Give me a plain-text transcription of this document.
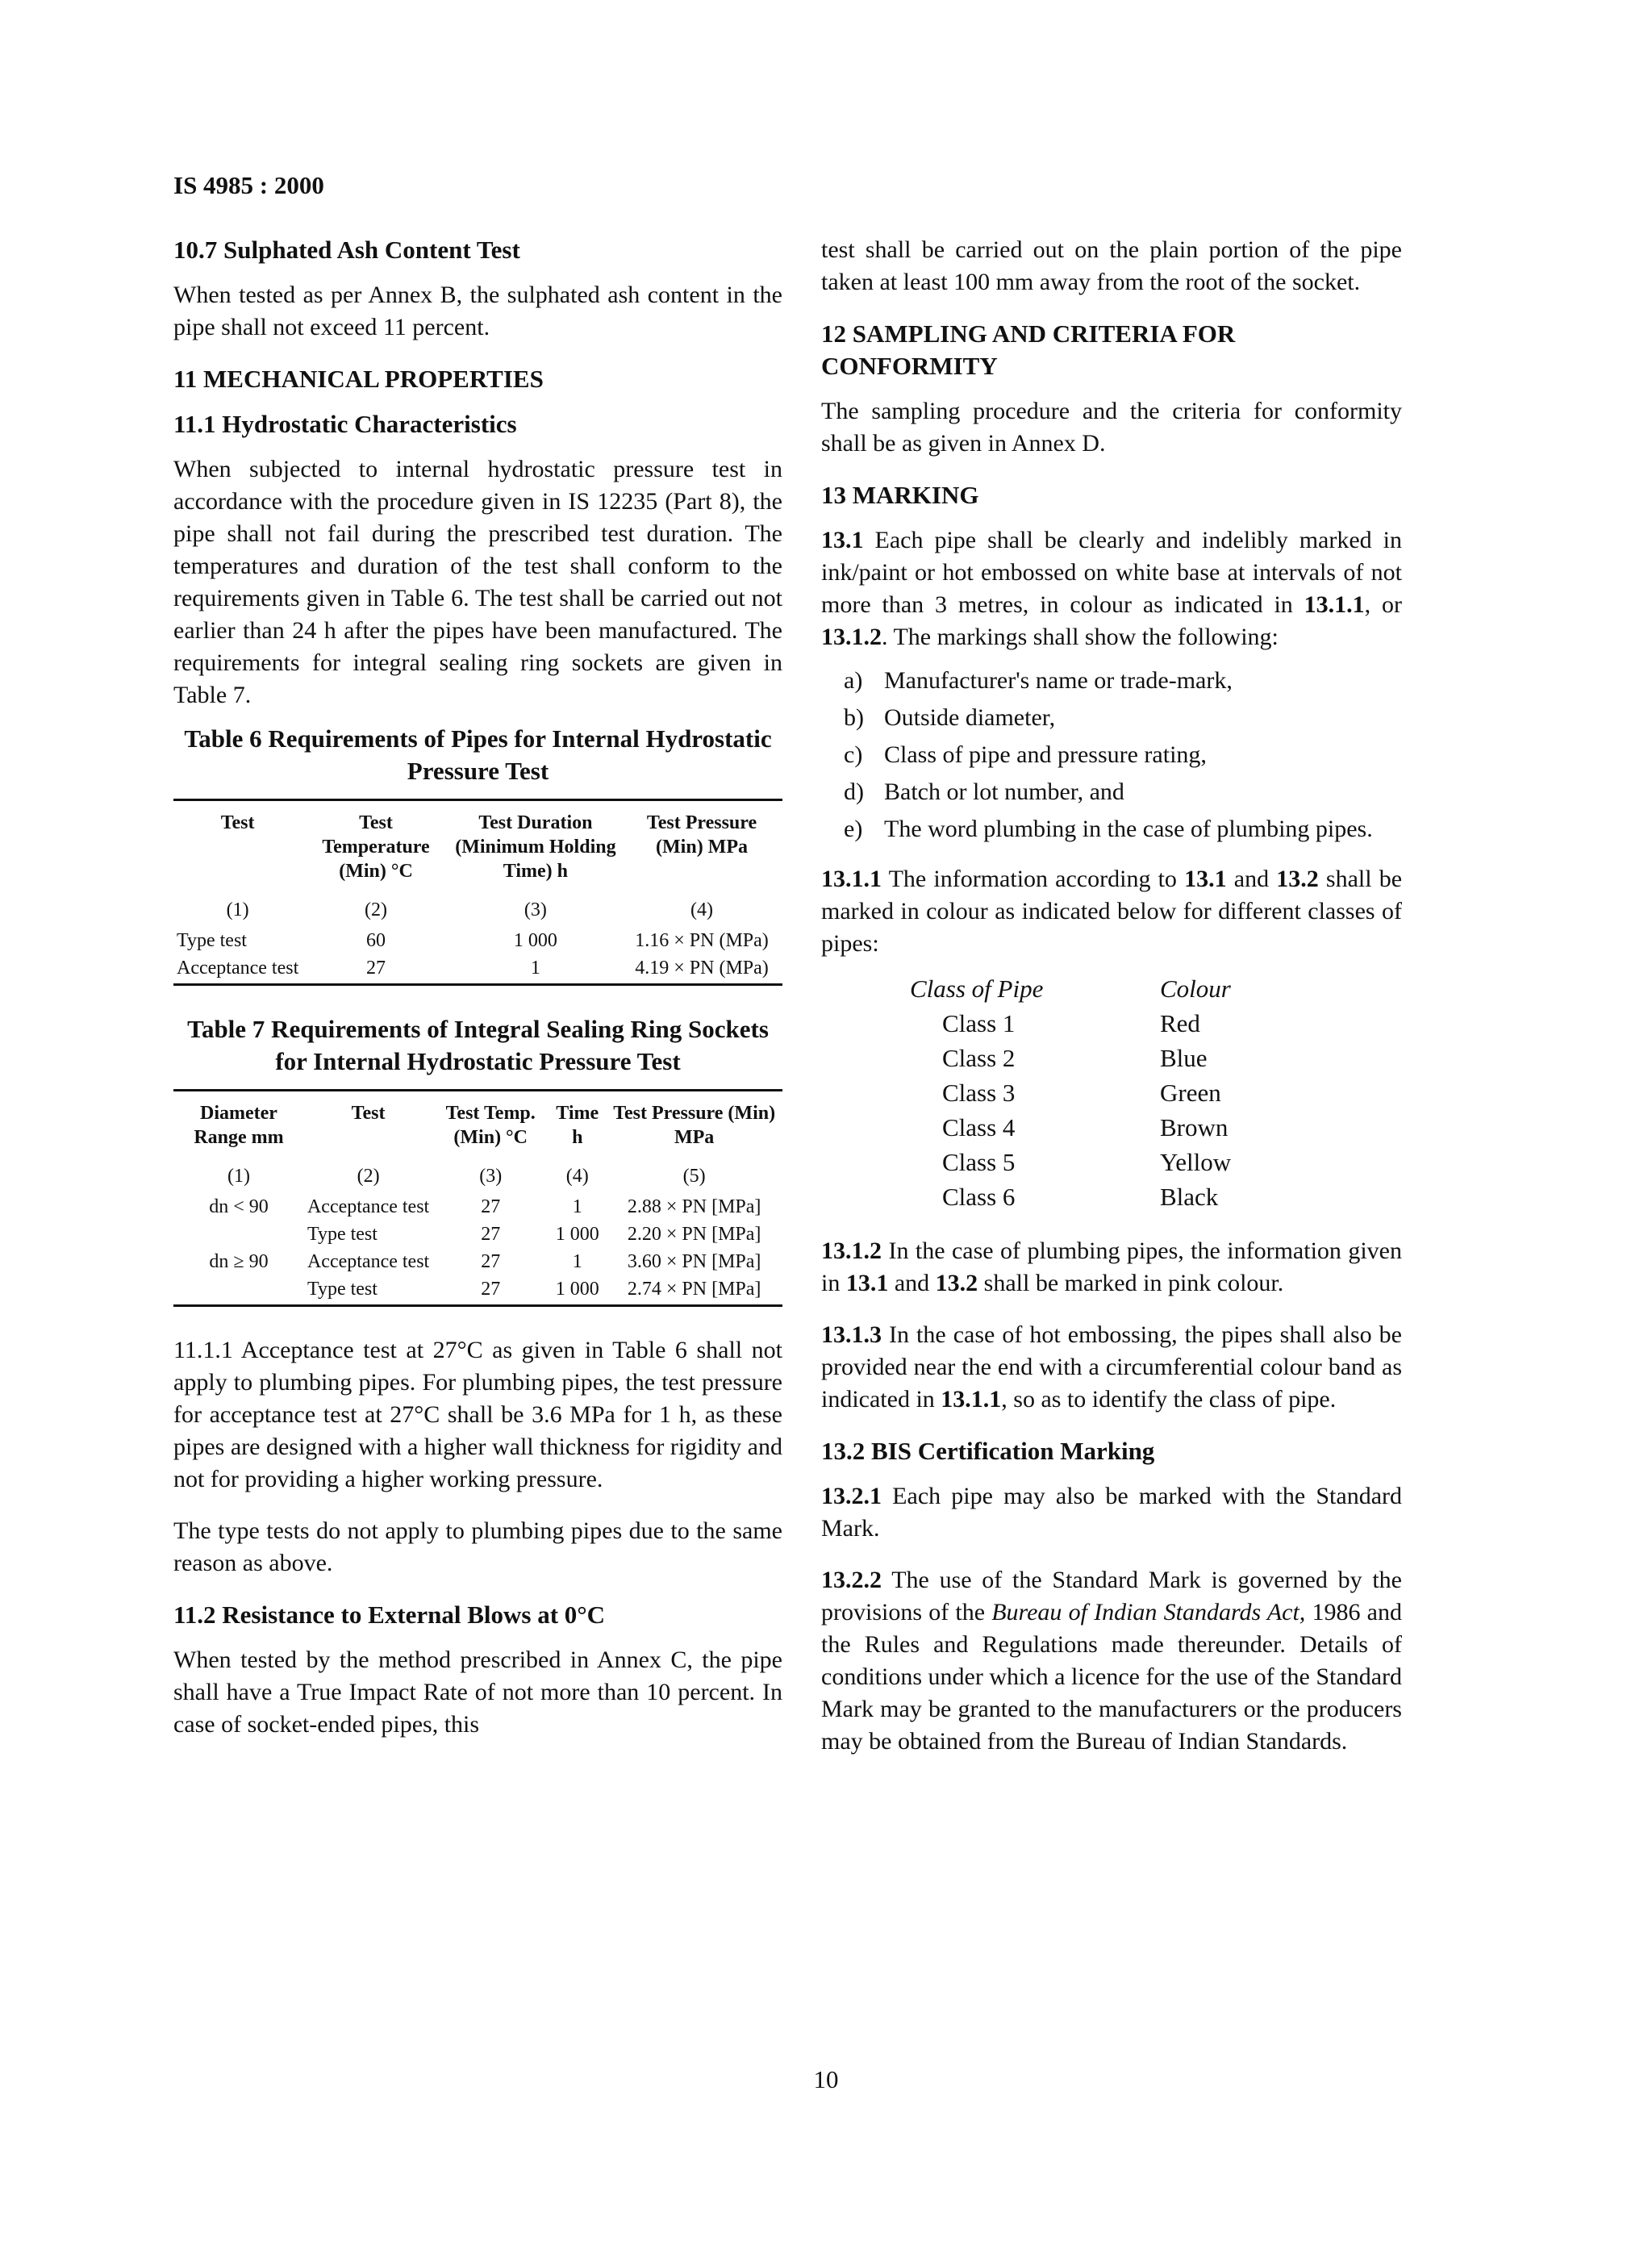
IS 4985 : 2000
10.7 Sulphated Ash Content Test

When tested as per Annex B, the sulphated ash content in the pipe shall not exceed 11 percent.

11 MECHANICAL PROPERTIES
11.1 Hydrostatic Characteristics

When subjected to internal hydrostatic pressure test in accordance with the procedure given in IS 12235 (Part 8), the pipe shall not fail during the prescribed test duration. The temperatures and duration of the test shall conform to the requirements given in Table 6. The test shall be carried out not earlier than 24 h after the pipes have been manufactured. The requirements for integral sealing ring sockets are given in Table 7.

Table 6 Requirements of Pipes for Internal Hydrostatic Pressure Test

Test	Test Temperature (Min) °C	Test Duration (Minimum Holding Time) h	Test Pressure (Min) MPa
(1)	(2)	(3)	(4)
Type test	60	1 000	1.16 × PN (MPa)
Acceptance test	27	1	4.19 × PN (MPa)
Table 7 Requirements of Integral Sealing Ring Sockets for Internal Hydrostatic Pressure Test

Diameter Range mm	Test	Test Temp. (Min) °C	Time h	Test Pressure (Min) MPa
(1)	(2)	(3)	(4)	(5)
dn < 90	Acceptance test	27	1	2.88 × PN [MPa]
	Type test	27	1 000	2.20 × PN [MPa]
dn ≥ 90	Acceptance test	27	1	3.60 × PN [MPa]
	Type test	27	1 000	2.74 × PN [MPa]

11.1.1 Acceptance test at 27°C as given in Table 6 shall not apply to plumbing pipes. For plumbing pipes, the test pressure for acceptance test at 27°C shall be 3.6 MPa for 1 h, as these pipes are designed with a higher wall thickness for rigidity and not for providing a higher working pressure.

The type tests do not apply to plumbing pipes due to the same reason as above.

11.2 Resistance to External Blows at 0°C

When tested by the method prescribed in Annex C, the pipe shall have a True Impact Rate of not more than 10 percent. In case of socket-ended pipes, this

test shall be carried out on the plain portion of the pipe taken at least 100 mm away from the root of the socket.

12 SAMPLING AND CRITERIA FOR CONFORMITY

The sampling procedure and the criteria for conformity shall be as given in Annex D.

13 MARKING

13.1 Each pipe shall be clearly and indelibly marked in ink/paint or hot embossed on white base at intervals of not more than 3 metres, in colour as indicated in 13.1.1, or 13.1.2. The markings shall show the following:

a) Manufacturer's name or trade-mark,
b) Outside diameter,
c) Class of pipe and pressure rating,
d) Batch or lot number, and
e) The word plumbing in the case of plumbing pipes.

13.1.1 The information according to 13.1 and 13.2 shall be marked in colour as indicated below for different classes of pipes:

Class of Pipe	Colour
Class 1	Red
Class 2	Blue
Class 3	Green
Class 4	Brown
Class 5	Yellow
Class 6	Black

13.1.2 In the case of plumbing pipes, the information given in 13.1 and 13.2 shall be marked in pink colour.

13.1.3 In the case of hot embossing, the pipes shall also be provided near the end with a circumferential colour band as indicated in 13.1.1, so as to identify the class of pipe.

13.2 BIS Certification Marking

13.2.1 Each pipe may also be marked with the Standard Mark.

13.2.2 The use of the Standard Mark is governed by the provisions of the Bureau of Indian Standards Act, 1986 and the Rules and Regulations made thereunder. Details of conditions under which a licence for the use of the Standard Mark may be granted to the manufacturers or the producers may be obtained from the Bureau of Indian Standards.

10
